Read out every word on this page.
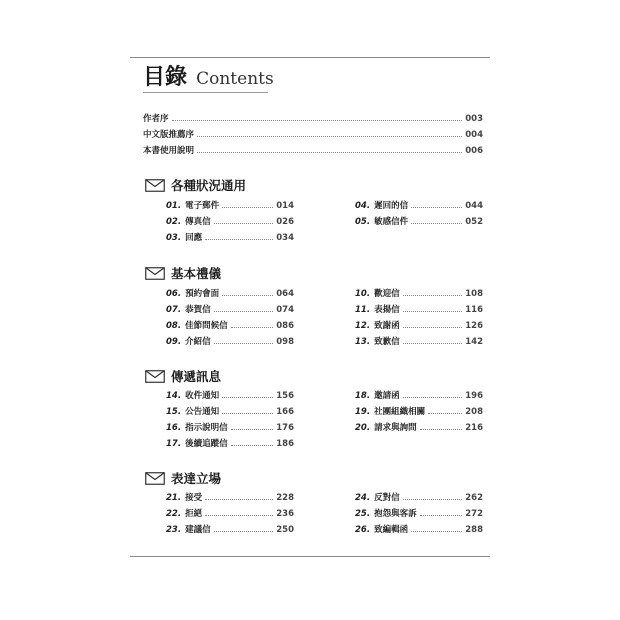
目錄 Contents
作者序	003
中文版推薦序	004
本書使用說明	006
各種狀況通用
01. 電子郵件	014
02. 傳真信	026
03. 回應	034
04. 遲回的信	044
05. 敏感信件	052
基本禮儀
06. 預約會面	064
07. 恭賀信	074
08. 佳節問候信	086
09. 介紹信	098
10. 歡迎信	108
11. 表揚信	116
12. 致謝函	126
13. 致歉信	142
傳遞訊息
14. 收件通知	156
15. 公告通知	166
16. 指示說明信	176
17. 後續追蹤信	186
18. 邀請函	196
19. 社團組織相關	208
20. 請求與詢問	216
表達立場
21. 接受	228
22. 拒絕	236
23. 建議信	250
24. 反對信	262
25. 抱怨與客訴	272
26. 致編輯函	288
